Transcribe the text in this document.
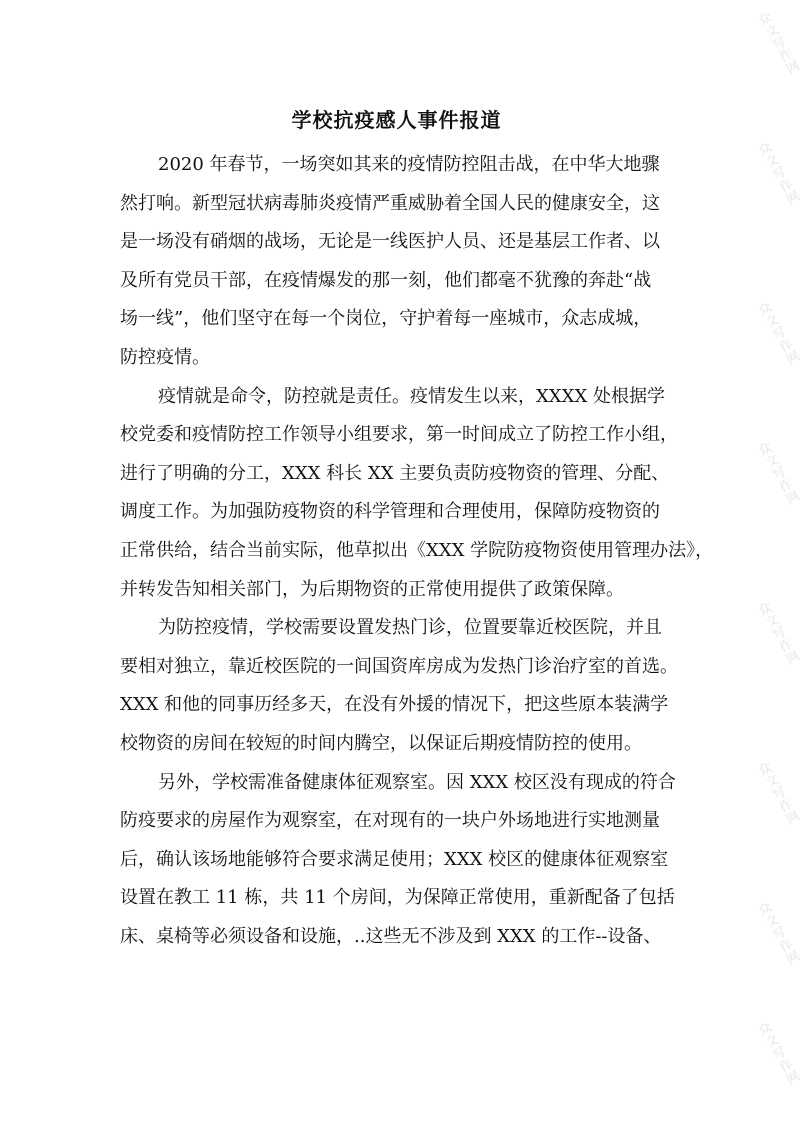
学校抗疫感人事件报道
2020 年春节，一场突如其来的疫情防控阻击战，在中华大地骤
然打响。新型冠状病毒肺炎疫情严重威胁着全国人民的健康安全，这
是一场没有硝烟的战场，无论是一线医护人员、还是基层工作者、以
及所有党员干部，在疫情爆发的那一刻，他们都毫不犹豫的奔赴“战
场一线”，他们坚守在每一个岗位，守护着每一座城市，众志成城，
防控疫情。
疫情就是命令，防控就是责任。疫情发生以来，XXXX 处根据学
校党委和疫情防控工作领导小组要求，第一时间成立了防控工作小组，
进行了明确的分工，XXX 科长 XX 主要负责防疫物资的管理、分配、
调度工作。为加强防疫物资的科学管理和合理使用，保障防疫物资的
正常供给，结合当前实际，他草拟出《XXX 学院防疫物资使用管理办法》，
并转发告知相关部门，为后期物资的正常使用提供了政策保障。
为防控疫情，学校需要设置发热门诊，位置要靠近校医院，并且
要相对独立，靠近校医院的一间国资库房成为发热门诊治疗室的首选。
XXX 和他的同事历经多天，在没有外援的情况下，把这些原本装满学
校物资的房间在较短的时间内腾空，以保证后期疫情防控的使用。
另外，学校需准备健康体征观察室。因 XXX 校区没有现成的符合
防疫要求的房屋作为观察室，在对现有的一块户外场地进行实地测量
后，确认该场地能够符合要求满足使用；XXX 校区的健康体征观察室
设置在教工 11 栋，共 11 个房间，为保障正常使用，重新配备了包括
床、桌椅等必须设备和设施，..这些无不涉及到 XXX 的工作--设备、
众文写作网
众文写作网
众文写作网
众文写作网
众文写作网
众文写作网
众文写作网
众文写作网
